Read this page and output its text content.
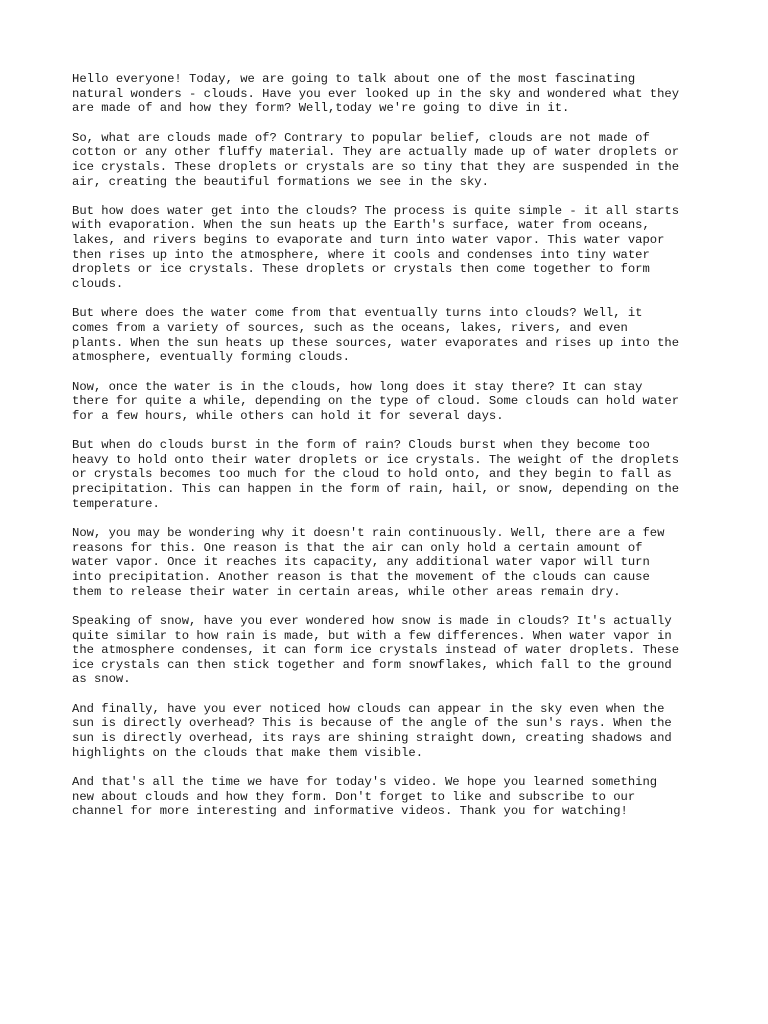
Hello everyone! Today, we are going to talk about one of the most fascinating
natural wonders - clouds. Have you ever looked up in the sky and wondered what they
are made of and how they form? Well,today we're going to dive in it.

So, what are clouds made of? Contrary to popular belief, clouds are not made of
cotton or any other fluffy material. They are actually made up of water droplets or
ice crystals. These droplets or crystals are so tiny that they are suspended in the
air, creating the beautiful formations we see in the sky.

But how does water get into the clouds? The process is quite simple - it all starts
with evaporation. When the sun heats up the Earth's surface, water from oceans,
lakes, and rivers begins to evaporate and turn into water vapor. This water vapor
then rises up into the atmosphere, where it cools and condenses into tiny water
droplets or ice crystals. These droplets or crystals then come together to form
clouds.

But where does the water come from that eventually turns into clouds? Well, it
comes from a variety of sources, such as the oceans, lakes, rivers, and even
plants. When the sun heats up these sources, water evaporates and rises up into the
atmosphere, eventually forming clouds.

Now, once the water is in the clouds, how long does it stay there? It can stay
there for quite a while, depending on the type of cloud. Some clouds can hold water
for a few hours, while others can hold it for several days.

But when do clouds burst in the form of rain? Clouds burst when they become too
heavy to hold onto their water droplets or ice crystals. The weight of the droplets
or crystals becomes too much for the cloud to hold onto, and they begin to fall as
precipitation. This can happen in the form of rain, hail, or snow, depending on the
temperature.

Now, you may be wondering why it doesn't rain continuously. Well, there are a few
reasons for this. One reason is that the air can only hold a certain amount of
water vapor. Once it reaches its capacity, any additional water vapor will turn
into precipitation. Another reason is that the movement of the clouds can cause
them to release their water in certain areas, while other areas remain dry.

Speaking of snow, have you ever wondered how snow is made in clouds? It's actually
quite similar to how rain is made, but with a few differences. When water vapor in
the atmosphere condenses, it can form ice crystals instead of water droplets. These
ice crystals can then stick together and form snowflakes, which fall to the ground
as snow.

And finally, have you ever noticed how clouds can appear in the sky even when the
sun is directly overhead? This is because of the angle of the sun's rays. When the
sun is directly overhead, its rays are shining straight down, creating shadows and
highlights on the clouds that make them visible.

And that's all the time we have for today's video. We hope you learned something
new about clouds and how they form. Don't forget to like and subscribe to our
channel for more interesting and informative videos. Thank you for watching!
